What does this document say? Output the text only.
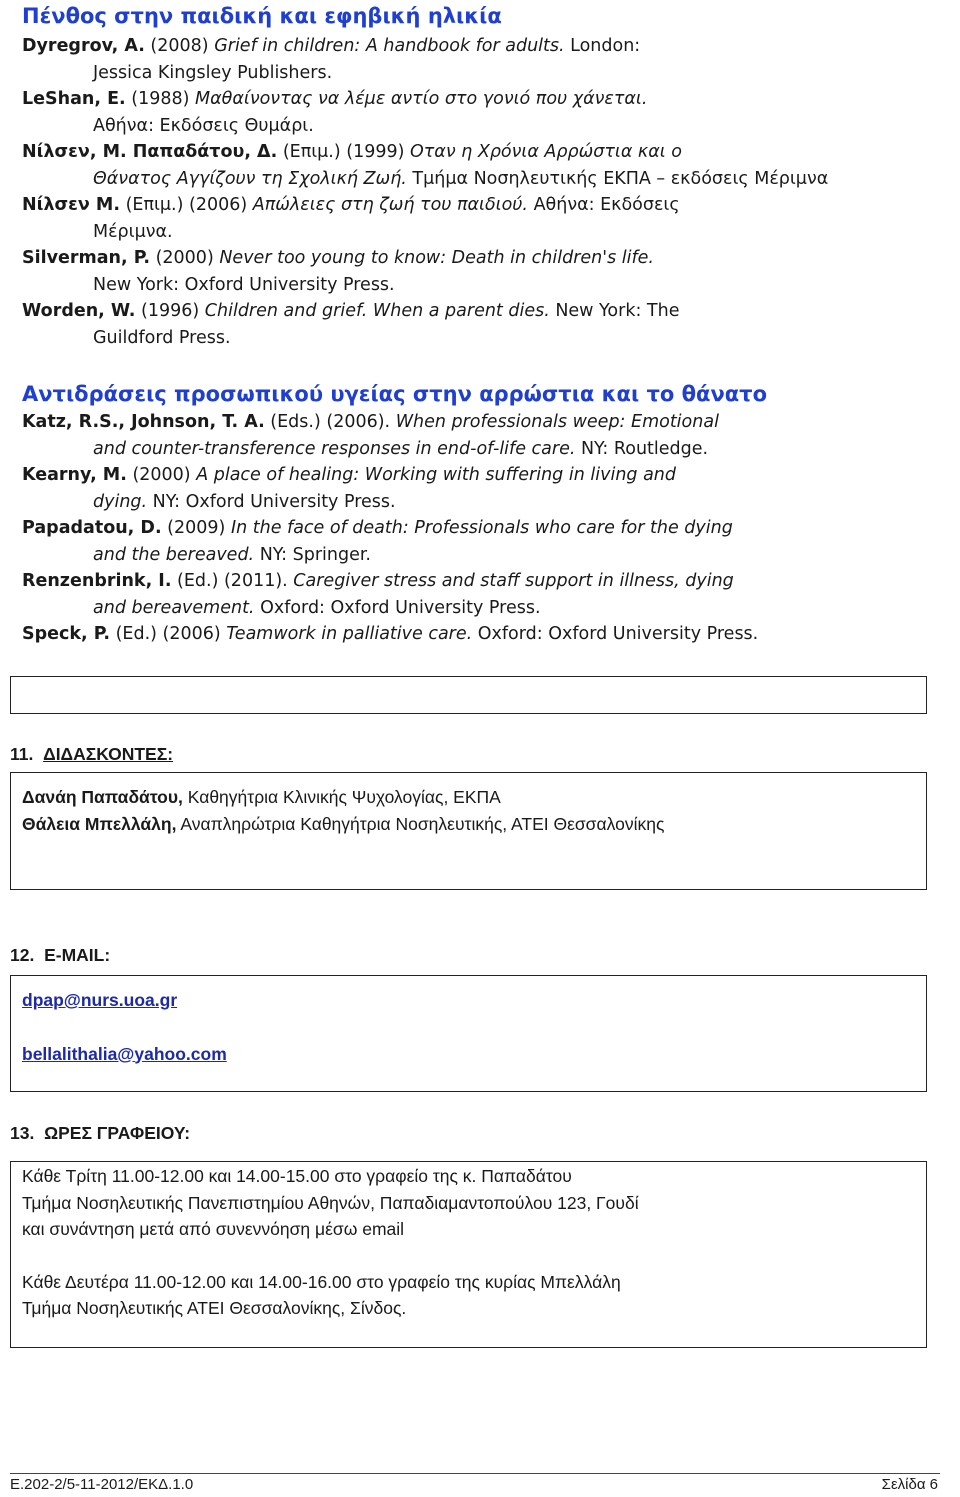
Πένθος στην παιδική και εφηβική ηλικία
Dyregrov, A. (2008) Grief in children: A handbook for adults. London:
Jessica Kingsley Publishers.
LeShan, E. (1988) Μαθαίνοντας να λέμε αντίο στο γονιό που χάνεται.
Αθήνα: Εκδόσεις Θυμάρι.
Νίλσεν, Μ. Παπαδάτου, Δ. (Επιμ.) (1999) Οταν η Χρόνια Αρρώστια και ο
Θάνατος Αγγίζουν τη Σχολική Ζωή. Τμήμα Νοσηλευτικής ΕΚΠΑ – εκδόσεις Μέριμνα
Νίλσεν Μ. (Επιμ.) (2006) Απώλειες στη ζωή του παιδιού. Αθήνα: Εκδόσεις
Μέριμνα.
Silverman, P. (2000) Never too young to know: Death in children's life.
New York: Oxford University Press.
Worden, W. (1996) Children and grief. When a parent dies. New York: The
Guildford Press.
Αντιδράσεις προσωπικού υγείας στην αρρώστια και το θάνατο
Katz, R.S., Johnson, T. A. (Eds.) (2006). When professionals weep: Emotional
and counter-transference responses in end-of-life care. NY: Routledge.
Kearny, M. (2000) A place of healing: Working with suffering in living and
dying. NY: Oxford University Press.
Papadatou, D. (2009) In the face of death: Professionals who care for the dying
and the bereaved. NY: Springer.
Renzenbrink, I. (Ed.) (2011). Caregiver stress and staff support in illness, dying
and bereavement. Oxford: Oxford University Press.
Speck, P. (Ed.) (2006) Teamwork in palliative care. Oxford: Oxford University Press.
11. ΔΙΔΑΣΚΟΝΤΕΣ:
Δανάη Παπαδάτου, Καθηγήτρια Κλινικής Ψυχολογίας, ΕΚΠΑ
Θάλεια Μπελλάλη, Αναπληρώτρια Καθηγήτρια Νοσηλευτικής, ΑΤΕΙ Θεσσαλονίκης
12. E-MAIL:
dpap@nurs.uoa.gr
bellalithalia@yahoo.com
13. ΩΡΕΣ ΓΡΑΦΕΙΟΥ:
Κάθε Τρίτη 11.00-12.00 και 14.00-15.00 στο γραφείο της κ. Παπαδάτου
Τμήμα Νοσηλευτικής Πανεπιστημίου Αθηνών, Παπαδιαμαντοπούλου 123, Γουδί
και συνάντηση μετά από συνεννόηση μέσω email
Κάθε Δευτέρα 11.00-12.00 και 14.00-16.00 στο γραφείο της κυρίας Μπελλάλη
Τμήμα Νοσηλευτικής ΑΤΕΙ Θεσσαλονίκης, Σίνδος.
Ε.202-2/5-11-2012/ΕΚΔ.1.0	Σελίδα 6
